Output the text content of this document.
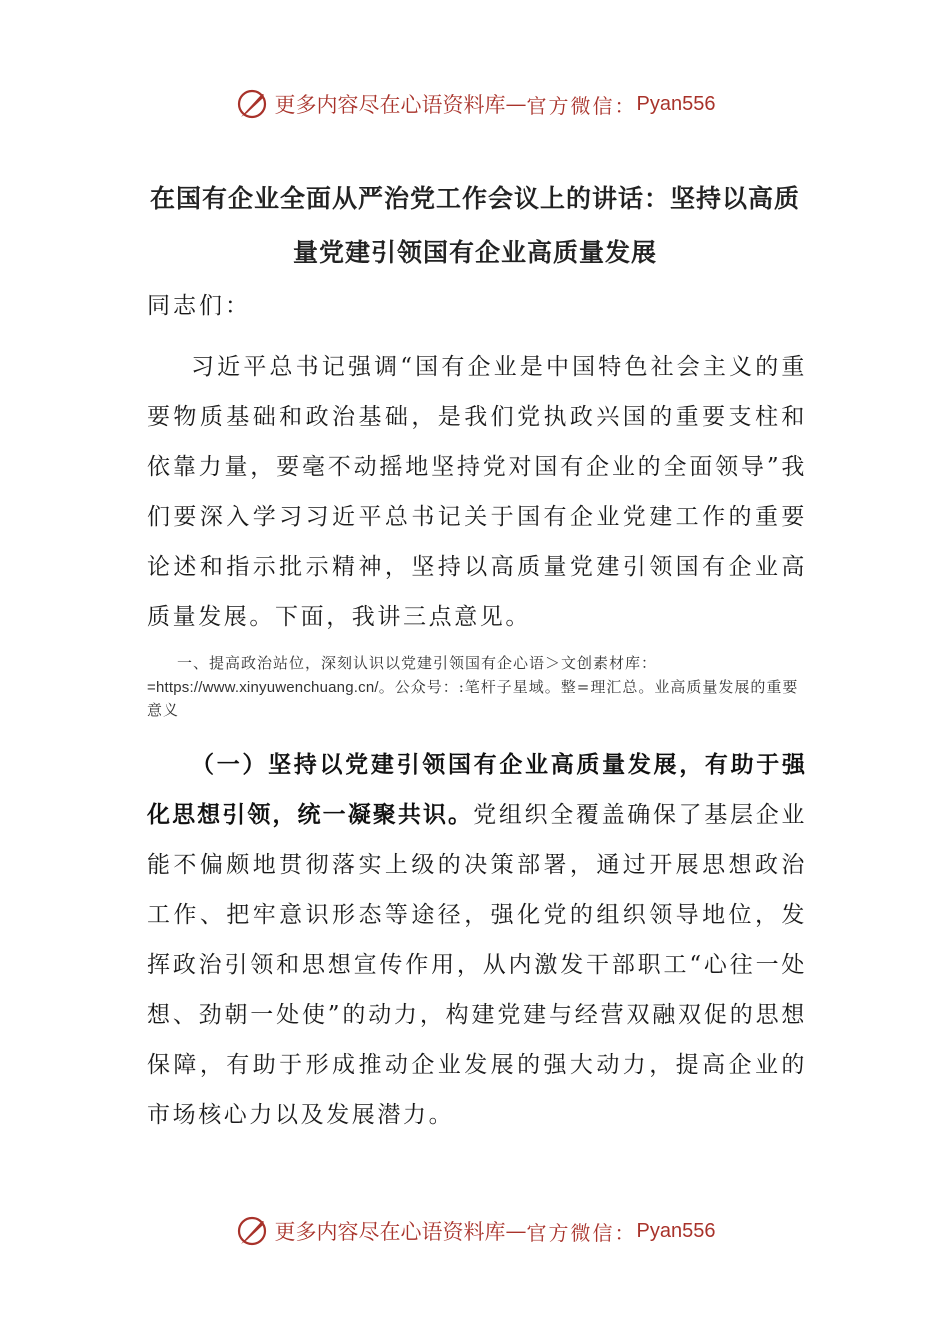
更多内容尽在心语资料库 — 官方微信： Pyan556
在国有企业全面从严治党工作会议上的讲话：坚持以高质量党建引领国有企业高质量发展
同志们：
习近平总书记强调“国有企业是中国特色社会主义的重要物质基础和政治基础，是我们党执政兴国的重要支柱和依靠力量，要毫不动摇地坚持党对国有企业的全面领导”我们要深入学习习近平总书记关于国有企业党建工作的重要论述和指示批示精神，坚持以高质量党建引领国有企业高质量发展。下面，我讲三点意见。
一、提高政治站位，深刻认识以党建引领国有企心语＞文创素材库：=https://www.xinyuwenchuang.cn/。公众号：:笔杆子星域。整=理汇总。业高质量发展的重要意义
（一）坚持以党建引领国有企业高质量发展，有助于强化思想引领，统一凝聚共识。党组织全覆盖确保了基层企业能不偏颇地贯彻落实上级的决策部署，通过开展思想政治工作、把牢意识形态等途径，强化党的组织领导地位，发挥政治引领和思想宣传作用，从内激发干部职工“心往一处想、劲朝一处使”的动力，构建党建与经营双融双促的思想保障，有助于形成推动企业发展的强大动力，提高企业的市场核心力以及发展潜力。
更多内容尽在心语资料库 — 官方微信： Pyan556
